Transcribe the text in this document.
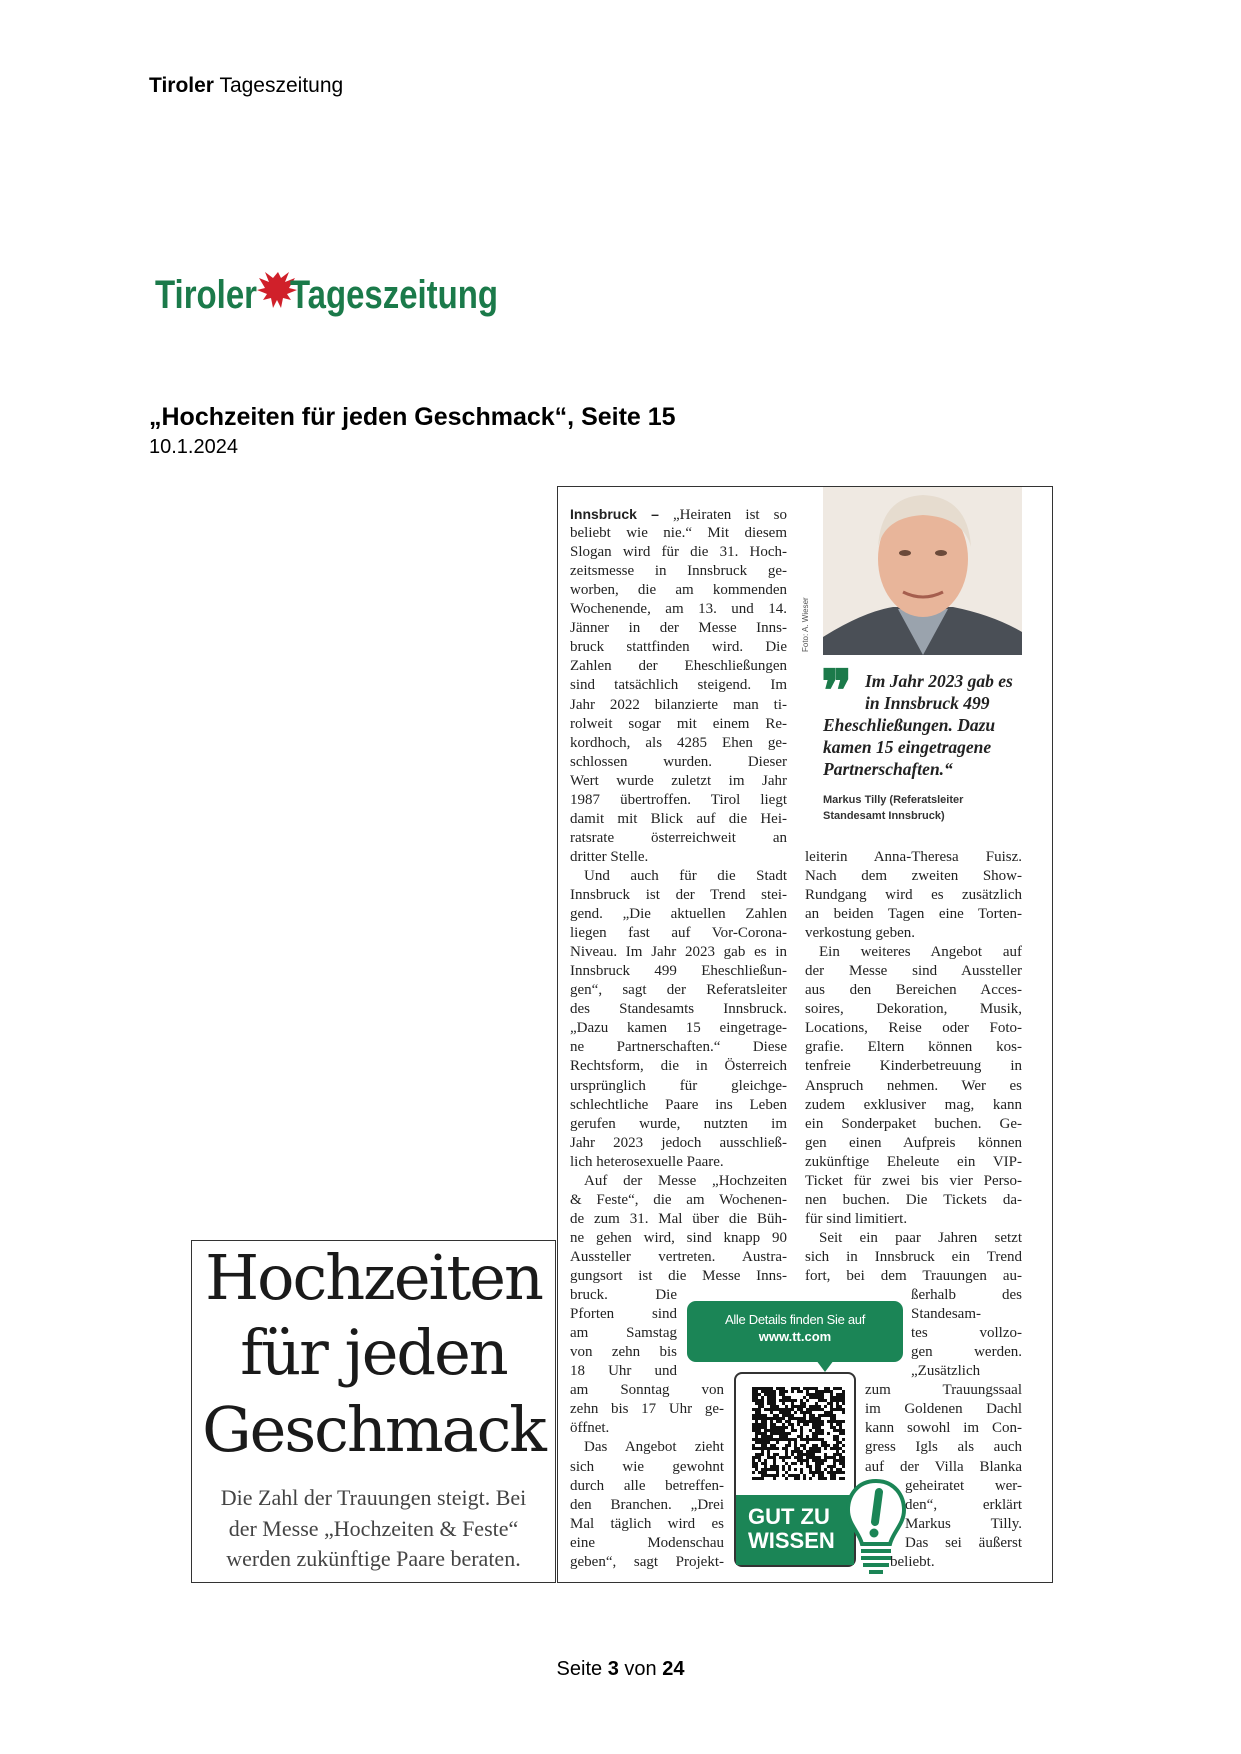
Tiroler Tageszeitung
Tiroler Tageszeitung
„Hochzeiten für jeden Geschmack“, Seite 15
10.1.2024
Hochzeiten
für jeden
Geschmack
Die Zahl der Trauungen steigt. Bei
der Messe „Hochzeiten & Feste“
werden zukünftige Paare beraten.
Innsbruck – „Heiraten ist so
beliebt wie nie.“ Mit diesem
Slogan wird für die 31. Hoch-
zeitsmesse in Innsbruck ge-
worben, die am kommenden
Wochenende, am 13. und 14.
Jänner in der Messe Inns-
bruck stattfinden wird. Die
Zahlen der Eheschließungen
sind tatsächlich steigend. Im
Jahr 2022 bilanzierte man ti-
rolweit sogar mit einem Re-
kordhoch, als 4285 Ehen ge-
schlossen wurden. Dieser
Wert wurde zuletzt im Jahr
1987 übertroffen. Tirol liegt
damit mit Blick auf die Hei-
ratsrate österreichweit an
dritter Stelle.
Und auch für die Stadt
Innsbruck ist der Trend stei-
gend. „Die aktuellen Zahlen
liegen fast auf Vor-Corona-
Niveau. Im Jahr 2023 gab es in
Innsbruck 499 Eheschließun-
gen“, sagt der Referatsleiter
des Standesamts Innsbruck.
„Dazu kamen 15 eingetrage-
ne Partnerschaften.“ Diese
Rechtsform, die in Österreich
ursprünglich für gleichge-
schlechtliche Paare ins Leben
gerufen wurde, nutzten im
Jahr 2023 jedoch ausschließ-
lich heterosexuelle Paare.
Auf der Messe „Hochzeiten
& Feste“, die am Wochenen-
de zum 31. Mal über die Büh-
ne gehen wird, sind knapp 90
Aussteller vertreten. Austra-
gungsort ist die Messe Inns-
bruck. Die
Pforten sind
am Samstag
von zehn bis
18 Uhr und
am Sonntag von
zehn bis 17 Uhr ge-
öffnet.
Das Angebot zieht
sich wie gewohnt
durch alle betreffen-
den Branchen. „Drei
Mal täglich wird es
eine Modenschau
geben“, sagt Projekt-
leiterin Anna-Theresa Fuisz.
Nach dem zweiten Show-
Rundgang wird es zusätzlich
an beiden Tagen eine Torten-
verkostung geben.
Ein weiteres Angebot auf
der Messe sind Aussteller
aus den Bereichen Acces-
soires, Dekoration, Musik,
Locations, Reise oder Foto-
grafie. Eltern können kos-
tenfreie Kinderbetreuung in
Anspruch nehmen. Wer es
zudem exklusiver mag, kann
ein Sonderpaket buchen. Ge-
gen einen Aufpreis können
zukünftige Eheleute ein VIP-
Ticket für zwei bis vier Perso-
nen buchen. Die Tickets da-
für sind limitiert.
Seit ein paar Jahren setzt
sich in Innsbruck ein Trend
fort, bei dem Trauungen au-
ßerhalb des
Standesam-
tes vollzo-
gen werden.
„Zusätzlich
zum Trauungssaal
im Goldenen Dachl
kann sowohl im Con-
gress Igls als auch
auf der Villa Blanka
geheiratet wer-
den“, erklärt
Markus Tilly.
Das sei äußerst
beliebt.
Foto: A. Wieser
❞ Im Jahr 2023 gab es
in Innsbruck 499
Eheschließungen. Dazu
kamen 15 eingetragene
Partnerschaften.“
Markus Tilly (Referatsleiter
Standesamt Innsbruck)
Alle Details finden Sie auf
www.tt.com
GUT ZU
WISSEN
Seite 3 von 24
